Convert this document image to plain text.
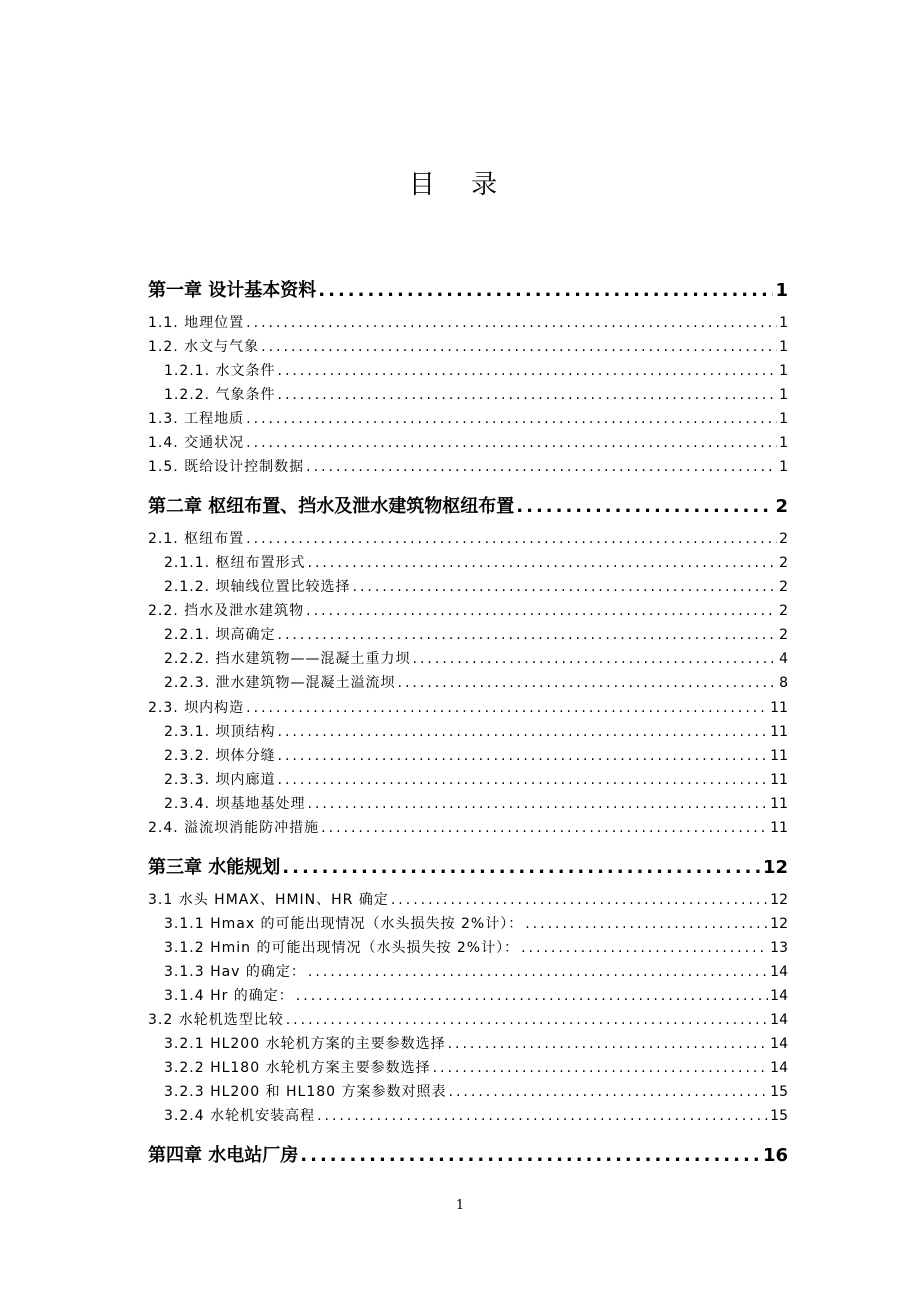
目 录
第一章 设计基本资料 .....	1
1.1. 地理位置 .....	1
1.2. 水文与气象 .....	1
1.2.1. 水文条件 .....	1
1.2.2. 气象条件 .....	1
1.3. 工程地质 .....	1
1.4. 交通状况 .....	1
1.5. 既给设计控制数据 .....	1
第二章 枢纽布置、挡水及泄水建筑物枢纽布置 .....	2
2.1. 枢纽布置 .....	2
2.1.1. 枢纽布置形式 .....	2
2.1.2. 坝轴线位置比较选择 .....	2
2.2. 挡水及泄水建筑物 .....	2
2.2.1. 坝高确定 .....	2
2.2.2. 挡水建筑物——混凝土重力坝 .....	4
2.2.3. 泄水建筑物—混凝土溢流坝 .....	8
2.3. 坝内构造 .....	11
2.3.1. 坝顶结构 .....	11
2.3.2. 坝体分缝 .....	11
2.3.3. 坝内廊道 .....	11
2.3.4. 坝基地基处理 .....	11
2.4. 溢流坝消能防冲措施 .....	11
第三章 水能规划 .....	12
3.1 水头 HMAX、HMIN、HR 确定 .....	12
3.1.1 Hmax 的可能出现情况（水头损失按 2%计）： .....	12
3.1.2 Hmin 的可能出现情况（水头损失按 2%计）： .....	13
3.1.3 Hav 的确定： .....	14
3.1.4 Hr 的确定： .....	14
3.2 水轮机选型比较 .....	14
3.2.1 HL200 水轮机方案的主要参数选择 .....	14
3.2.2 HL180 水轮机方案主要参数选择 .....	14
3.2.3 HL200 和 HL180 方案参数对照表 .....	15
3.2.4 水轮机安装高程 .....	15
第四章 水电站厂房 .....	16
1
